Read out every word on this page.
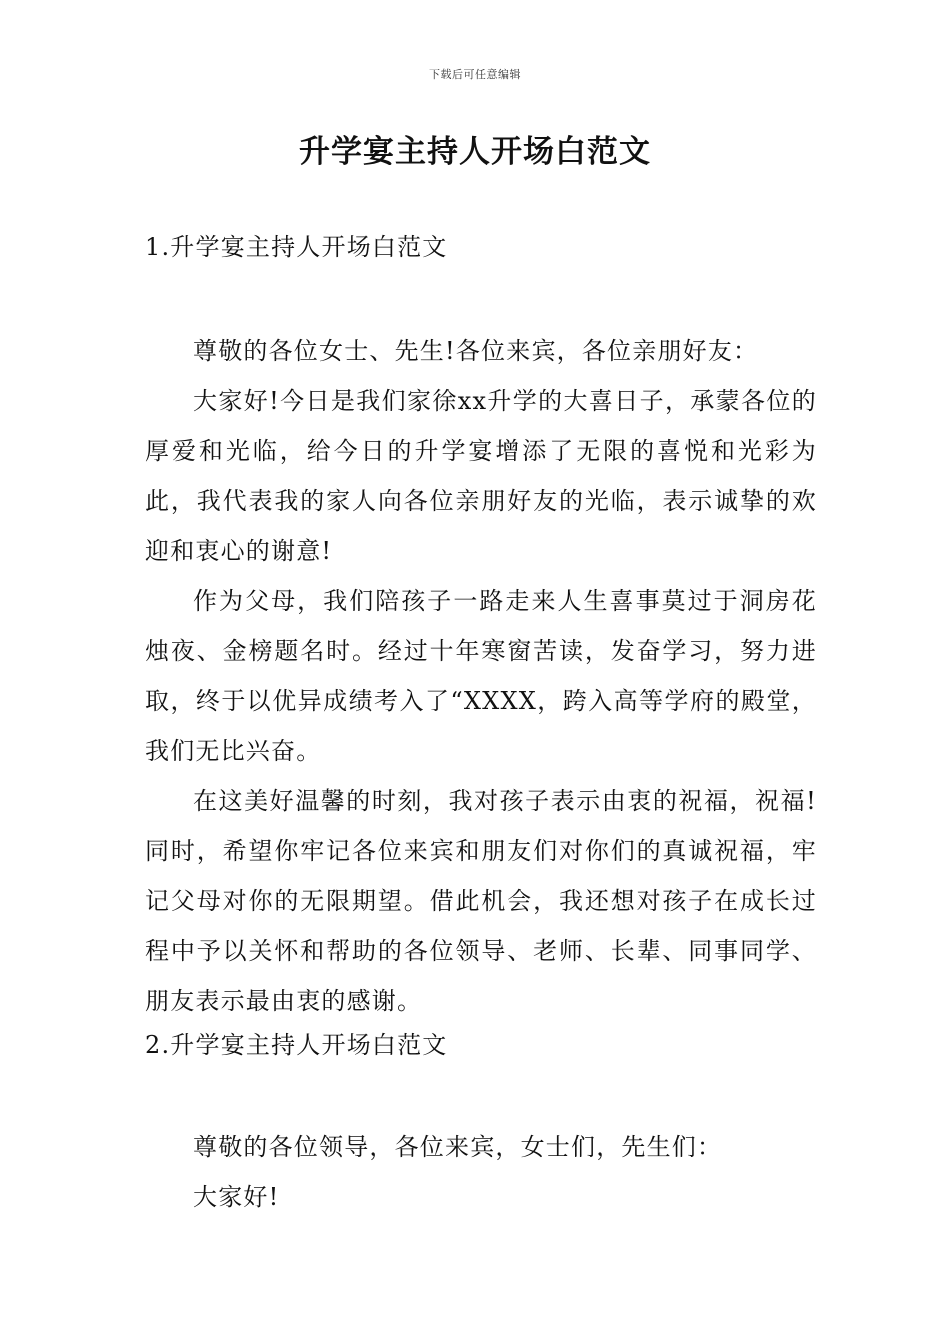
下载后可任意编辑
升学宴主持人开场白范文
1.升学宴主持人开场白范文

尊敬的各位女士、先生!各位来宾，各位亲朋好友：

大家好!今日是我们家徐xx升学的大喜日子，承蒙各位的厚爱和光临，给今日的升学宴增添了无限的喜悦和光彩为此，我代表我的家人向各位亲朋好友的光临，表示诚挚的欢迎和衷心的谢意!

作为父母，我们陪孩子一路走来人生喜事莫过于洞房花烛夜、金榜题名时。经过十年寒窗苦读，发奋学习，努力进取，终于以优异成绩考入了“XXXX，跨入高等学府的殿堂，我们无比兴奋。

在这美好温馨的时刻，我对孩子表示由衷的祝福，祝福!同时，希望你牢记各位来宾和朋友们对你们的真诚祝福，牢记父母对你的无限期望。借此机会，我还想对孩子在成长过程中予以关怀和帮助的各位领导、老师、长辈、同事同学、朋友表示最由衷的感谢。

2.升学宴主持人开场白范文

尊敬的各位领导，各位来宾，女士们，先生们：

大家好!
